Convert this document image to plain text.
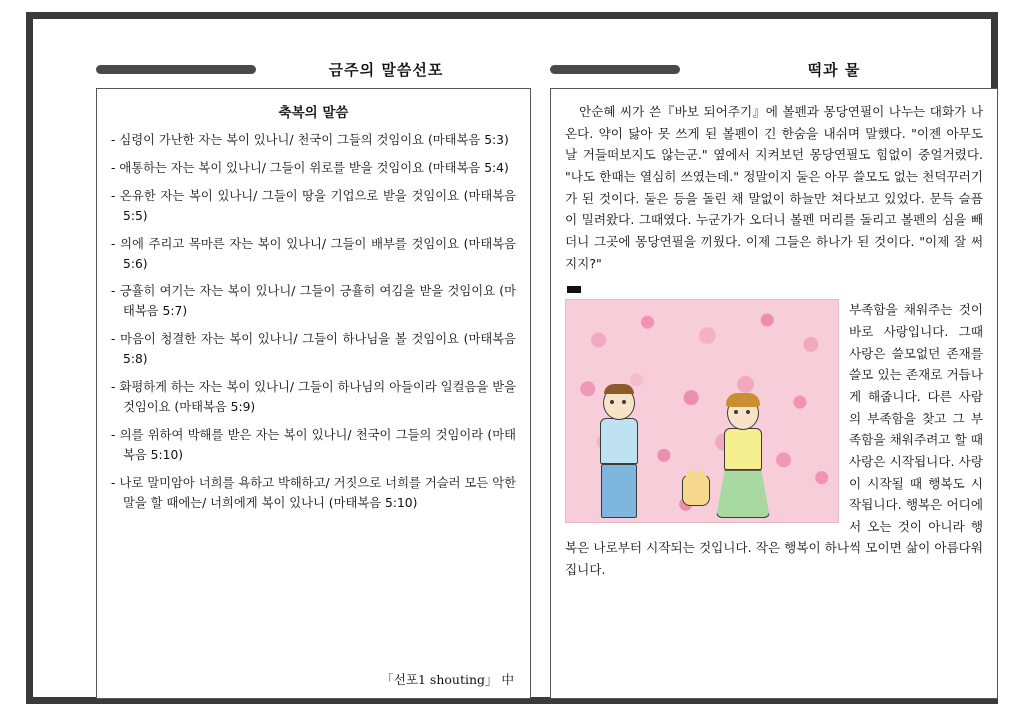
금주의 말씀선포
축복의 말씀
- 심령이 가난한 자는 복이 있나니/ 천국이 그들의 것임이요 (마태복음 5:3)
- 애통하는 자는 복이 있나니/ 그들이 위로를 받을 것임이요 (마태복음 5:4)
- 온유한 자는 복이 있나니/ 그들이 땅을 기업으로 받을 것임이요 (마태복음 5:5)
- 의에 주리고 목마른 자는 복이 있나니/ 그들이 배부를 것임이요 (마태복음 5:6)
- 긍휼히 여기는 자는 복이 있나니/ 그들이 긍휼히 여김을 받을 것임이요 (마태복음 5:7)
- 마음이 청결한 자는 복이 있나니/ 그들이 하나님을 볼 것임이요 (마태복음 5:8)
- 화평하게 하는 자는 복이 있나니/ 그들이 하나님의 아들이라 일컬음을 받을 것임이요 (마태복음 5:9)
- 의를 위하여 박해를 받은 자는 복이 있나니/ 천국이 그들의 것임이라 (마태복음 5:10)
- 나로 말미암아 너희를 욕하고 박해하고/ 거짓으로 너희를 거슬러 모든 악한 말을 할 때에는/ 너희에게 복이 있나니 (마태복음 5:10)
「선포1 shouting」 中
떡과 물

안순혜 씨가 쓴『바보 되어주기』에 볼펜과 몽당연필이 나누는 대화가 나온다. 약이 닳아 못 쓰게 된 볼펜이 긴 한숨을 내쉬며 말했다. "이젠 아무도 날 거들떠보지도 않는군." 옆에서 지켜보던 몽당연필도 힘없이 중얼거렸다. "나도 한때는 열심히 쓰였는데." 정말이지 둘은 아무 쓸모도 없는 천덕꾸러기가 된 것이다. 둘은 등을 돌린 채 말없이 하늘만 쳐다보고 있었다. 문득 슬픔이 밀려왔다. 그때였다. 누군가가 오더니 볼펜 머리를 돌리고 볼펜의 심을 빼더니 그곳에 몽당연필을 끼웠다. 이제 그들은 하나가 된 것이다. "이제 잘 써지지?"

부족함을 채워주는 것이 바로 사랑입니다. 그때 사랑은 쓸모없던 존재를 쓸모 있는 존재로 거듭나게 해줍니다. 다른 사람의 부족함을 찾고 그 부족함을 채워주려고 할 때 사랑은 시작됩니다. 사랑이 시작될 때 행복도 시작됩니다. 행복은 어디에서 오는 것이 아니라 행복은 나로부터 시작되는 것입니다. 작은 행복이 하나씩 모이면 삶이 아름다워집니다.
